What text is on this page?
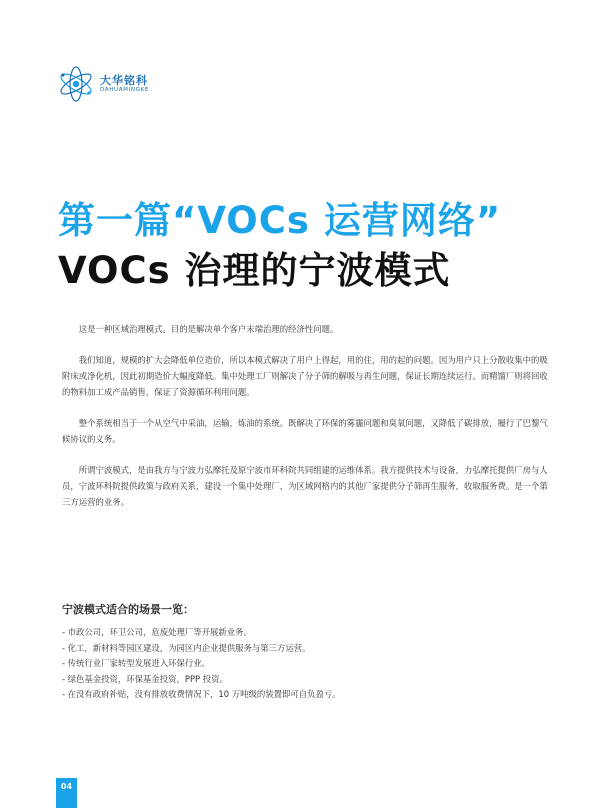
大华铭科
DAHUAMINGKE
第一篇“VOCs 运营网络”
VOCs 治理的宁波模式

这是一种区域治理模式。目的是解决单个客户末端治理的经济性问题。

我们知道，规模的扩大会降低单位造价，所以本模式解决了用户上得起，用的住，用的起的问题。因为用户只上分散收集中的吸附床或净化机，因此初期造价大幅度降低。集中处理工厂则解决了分子筛的解吸与再生问题，保证长期连续运行。而精馏厂则将回收的物料加工成产品销售，保证了资源循环利用问题。

整个系统相当于一个从空气中采油，运输，炼油的系统。既解决了环保的雾霾问题和臭氧问题，又降低了碳排放，履行了巴黎气候协议的义务。

所谓宁波模式，是由我方与宁波力弘摩托及原宁波市环科院共同组建的运维体系。我方提供技术与设备，力弘摩托提供厂房与人员，宁波环科院提供政策与政府关系，建设一个集中处理厂，为区域网格内的其他厂家提供分子筛再生服务，收取服务费。是一个第三方运营的业务。

宁波模式适合的场景一览：
- 市政公司，环卫公司，危废处理厂等开展新业务。
- 化工，新材料等园区建设，为园区内企业提供服务与第三方运营。
- 传统行业厂家转型发展进入环保行业。
- 绿色基金投资，环保基金投资，PPP 投资。
- 在没有政府补贴，没有排放收费情况下，10 万吨级的装置即可自负盈亏。
04
